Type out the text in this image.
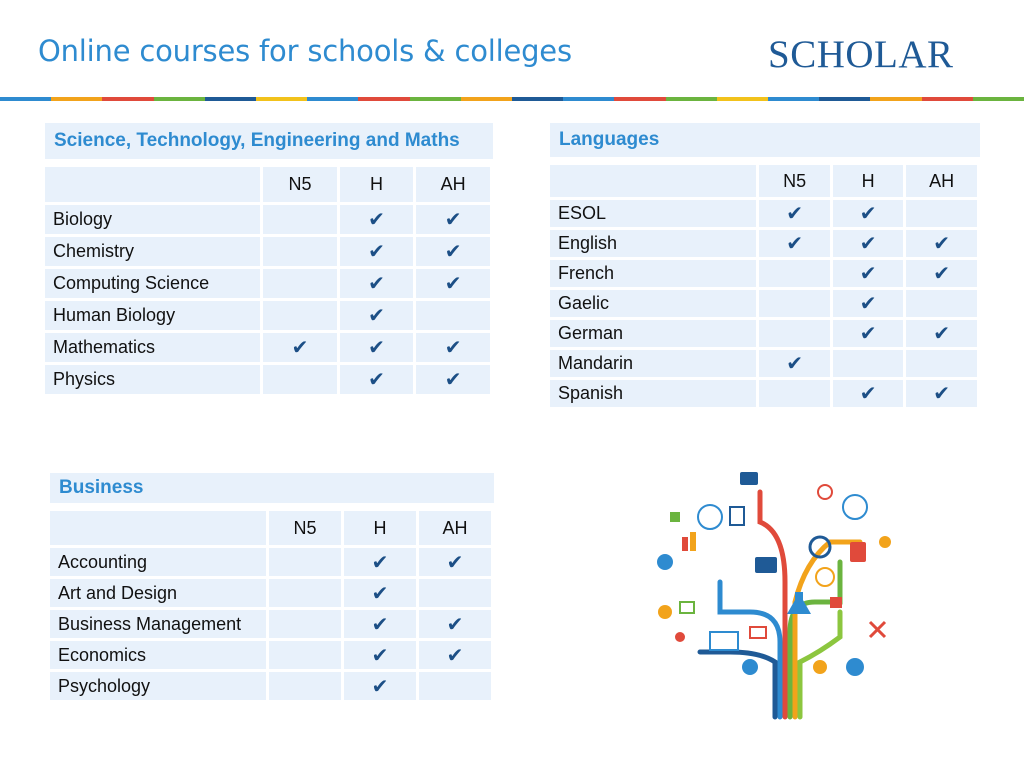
Online courses for schools & colleges	SCHOLAR
Science, Technology, Engineering and Maths
	N5	H	AH
Biology		✔	✔
Chemistry		✔	✔
Computing Science		✔	✔
Human Biology		✔	
Mathematics	✔	✔	✔
Physics		✔	✔
Languages
	N5	H	AH
ESOL	✔	✔	
English	✔	✔	✔
French		✔	✔
Gaelic		✔	
German		✔	✔
Mandarin	✔		
Spanish		✔	✔
Business
	N5	H	AH
Accounting		✔	✔
Art and Design		✔	
Business Management		✔	✔
Economics		✔	✔
Psychology		✔	
